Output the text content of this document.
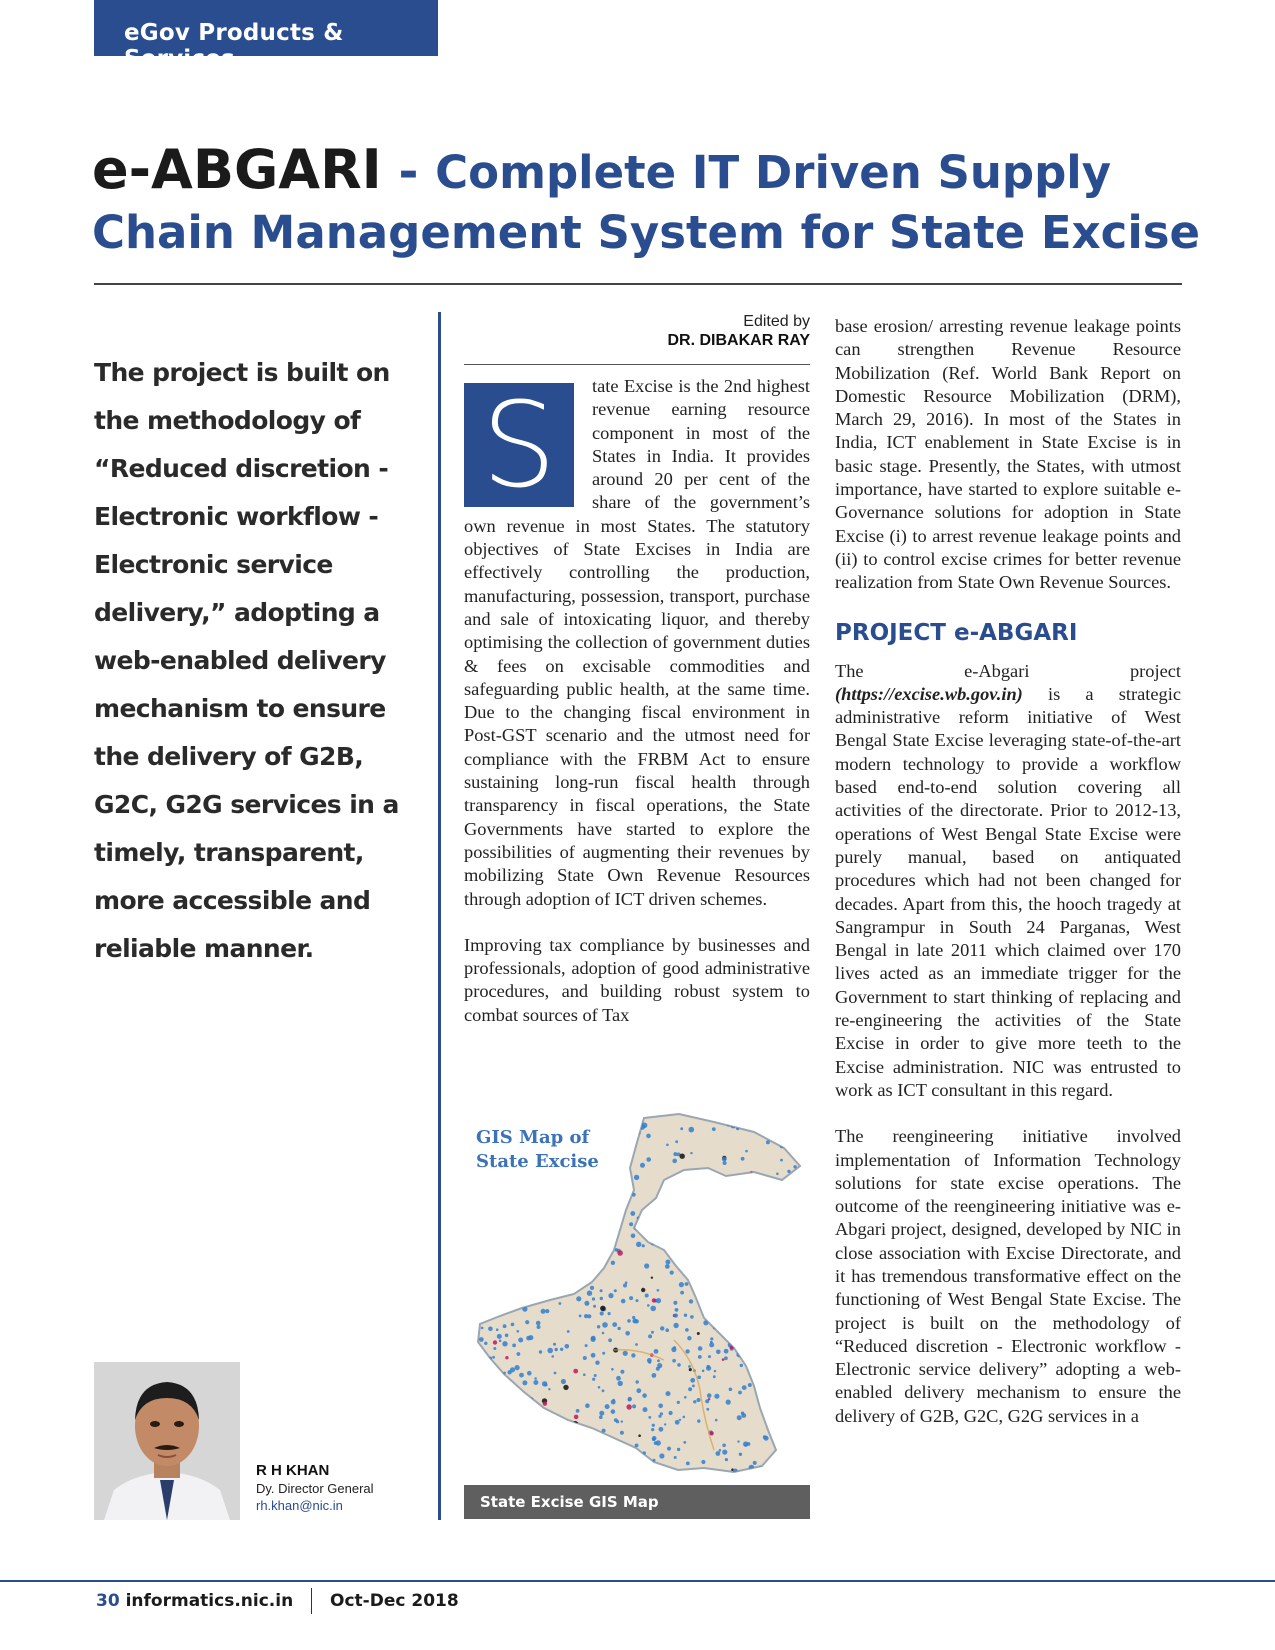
eGov Products & Services
e-ABGARI - Complete IT Driven Supply Chain Management System for State Excise
The project is built on the methodology of “Reduced discretion - Electronic workflow - Electronic service delivery,” adopting a web-enabled delivery mechanism to ensure the delivery of G2B, G2C, G2G services in a timely, transparent, more accessible and reliable manner.
R H KHAN
Dy. Director General
rh.khan@nic.in
Edited by
DR. DIBAKAR RAY

S	tate Excise is the 2nd highest revenue earning resource component in most of the States in India. It provides around 20 per cent of the share of the government’s own revenue in most States. The statutory objectives of State Excises in India are effectively controlling the production, manufacturing, possession, transport, purchase and sale of intoxicating liquor, and thereby optimising the collection of government duties & fees on excisable commodities and safeguarding public health, at the same time. Due to the changing fiscal environment in Post-GST scenario and the utmost need for compliance with the FRBM Act to ensure sustaining long-run fiscal health through transparency in fiscal operations, the State Governments have started to explore the possibilities of augmenting their revenues by mobilizing State Own Revenue Resources through adoption of ICT driven schemes.

Improving tax compliance by businesses and professionals, adoption of good administrative procedures, and building robust system to combat sources of Tax

GIS Map of State Excise
State Excise GIS Map

base erosion/ arresting revenue leakage points can strengthen Revenue Resource Mobilization (Ref. World Bank Report on Domestic Resource Mobilization (DRM), March 29, 2016). In most of the States in India, ICT enablement in State Excise is in basic stage. Presently, the States, with utmost importance, have started to explore suitable e-Governance solutions for adoption in State Excise (i) to arrest revenue leakage points and (ii) to control excise crimes for better revenue realization from State Own Revenue Sources.

PROJECT e-ABGARI

The e-Abgari project (https://excise.wb.gov.in) is a strategic administrative reform initiative of West Bengal State Excise leveraging state-of-the-art modern technology to provide a workflow based end-to-end solution covering all activities of the directorate. Prior to 2012-13, operations of West Bengal State Excise were purely manual, based on antiquated procedures which had not been changed for decades. Apart from this, the hooch tragedy at Sangrampur in South 24 Parganas, West Bengal in late 2011 which claimed over 170 lives acted as an immediate trigger for the Government to start thinking of replacing and re-engineering the activities of the State Excise in order to give more teeth to the Excise administration. NIC was entrusted to work as ICT consultant in this regard.

The reengineering initiative involved implementation of Information Technology solutions for state excise operations. The outcome of the reengineering initiative was e-Abgari project, designed, developed by NIC in close association with Excise Directorate, and it has tremendous transformative effect on the functioning of West Bengal State Excise. The project is built on the methodology of “Reduced discretion - Electronic workflow - Electronic service delivery” adopting a web-enabled delivery mechanism to ensure the delivery of G2B, G2C, G2G services in a

30 informatics.nic.in Oct-Dec 2018
